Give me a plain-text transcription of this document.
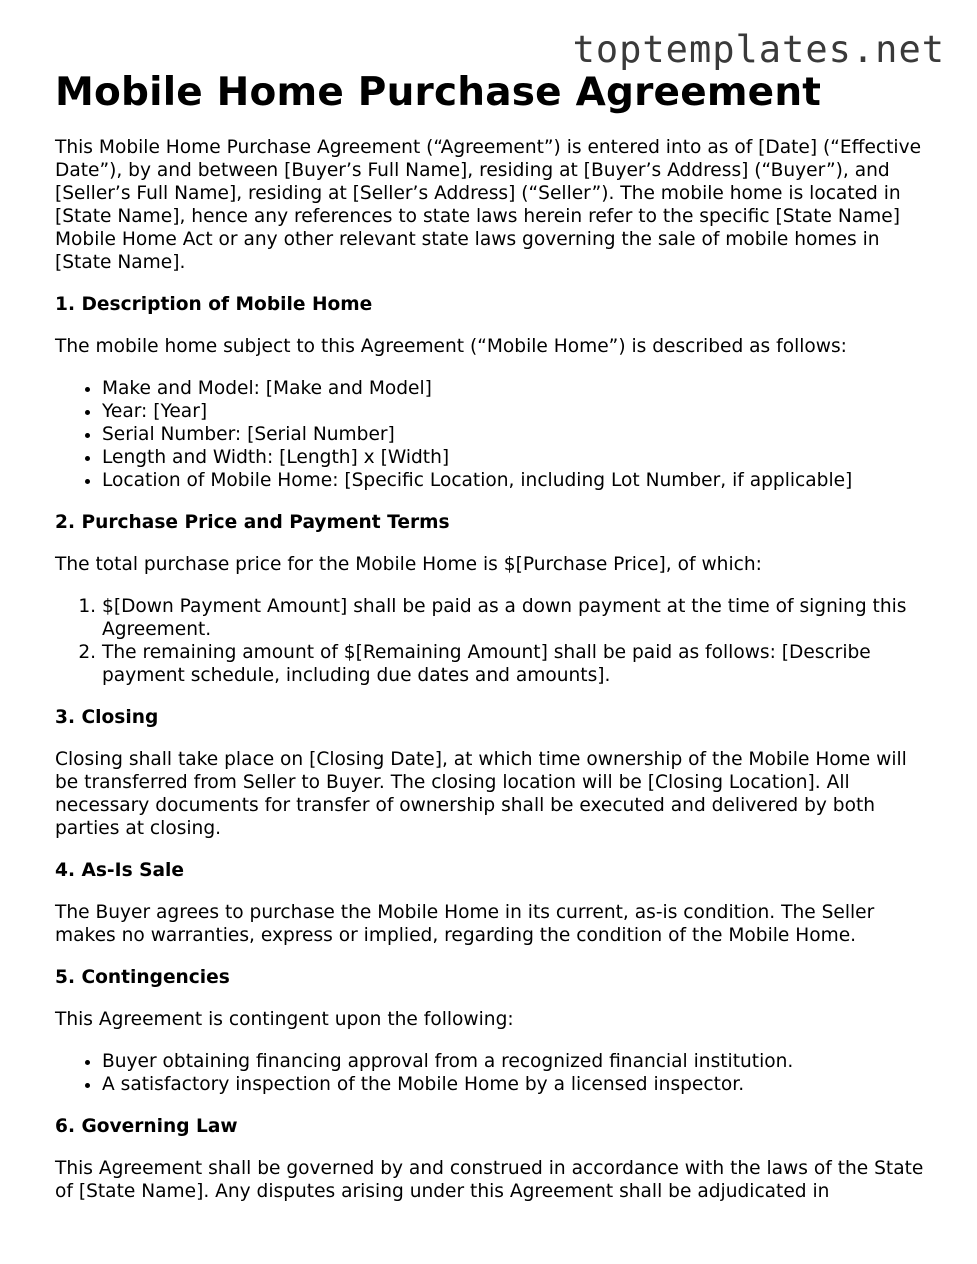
toptemplates.net
Mobile Home Purchase Agreement

This Mobile Home Purchase Agreement (“Agreement”) is entered into as of [Date] (“Effective Date”), by and between [Buyer’s Full Name], residing at [Buyer’s Address] (“Buyer”), and [Seller’s Full Name], residing at [Seller’s Address] (“Seller”). The mobile home is located in [State Name], hence any references to state laws herein refer to the specific [State Name] Mobile Home Act or any other relevant state laws governing the sale of mobile homes in [State Name].

1. Description of Mobile Home

The mobile home subject to this Agreement (“Mobile Home”) is described as follows:

• Make and Model: [Make and Model]
• Year: [Year]
• Serial Number: [Serial Number]
• Length and Width: [Length] x [Width]
• Location of Mobile Home: [Specific Location, including Lot Number, if applicable]
2. Purchase Price and Payment Terms

The total purchase price for the Mobile Home is $[Purchase Price], of which:

1. $[Down Payment Amount] shall be paid as a down payment at the time of signing this Agreement.
2. The remaining amount of $[Remaining Amount] shall be paid as follows: [Describe payment schedule, including due dates and amounts].
3. Closing

Closing shall take place on [Closing Date], at which time ownership of the Mobile Home will be transferred from Seller to Buyer. The closing location will be [Closing Location]. All necessary documents for transfer of ownership shall be executed and delivered by both parties at closing.

4. As-Is Sale

The Buyer agrees to purchase the Mobile Home in its current, as-is condition. The Seller makes no warranties, express or implied, regarding the condition of the Mobile Home.

5. Contingencies

This Agreement is contingent upon the following:

• Buyer obtaining financing approval from a recognized financial institution.
• A satisfactory inspection of the Mobile Home by a licensed inspector.
6. Governing Law

This Agreement shall be governed by and construed in accordance with the laws of the State of [State Name]. Any disputes arising under this Agreement shall be adjudicated in
